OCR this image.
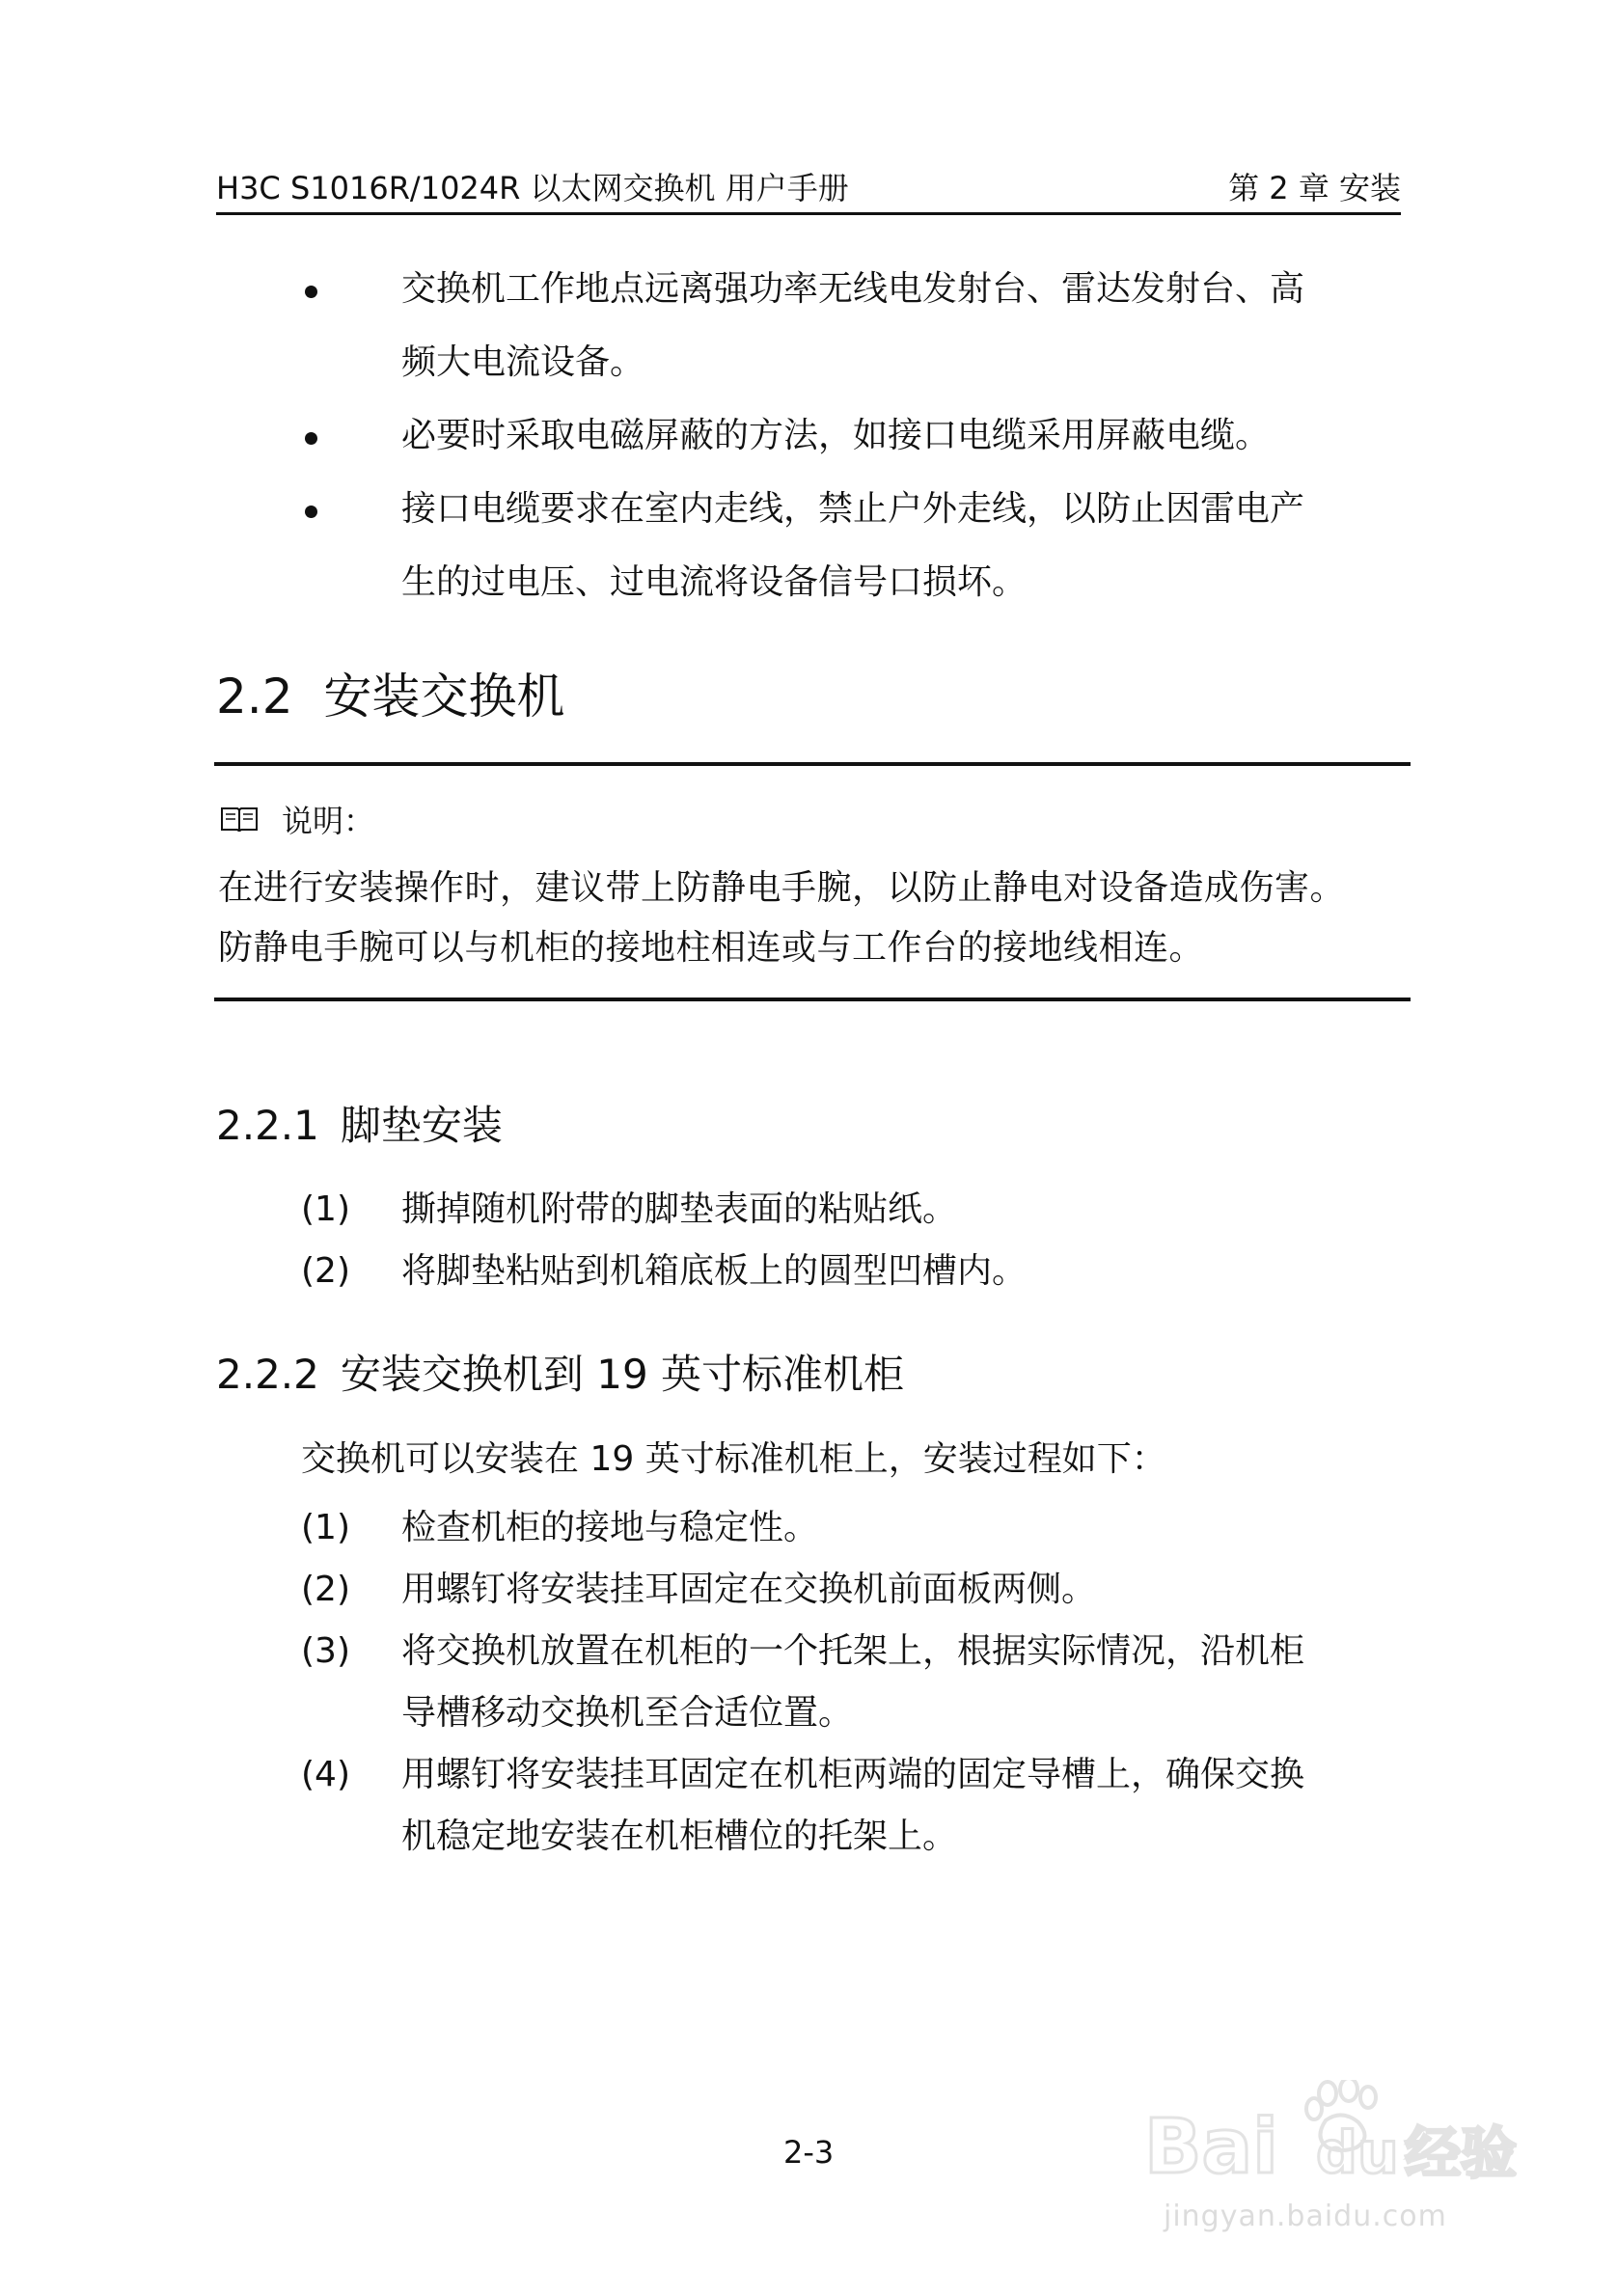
H3C S1016R/1024R 以太网交换机 用户手册	第 2 章 安装
交换机工作地点远离强功率无线电发射台、雷达发射台、高
频大电流设备。
必要时采取电磁屏蔽的方法，如接口电缆采用屏蔽电缆。
接口电缆要求在室内走线，禁止户外走线，以防止因雷电产
生的过电压、过电流将设备信号口损坏。
2.2 安装交换机
说明：
在进行安装操作时，建议带上防静电手腕，以防止静电对设备造成伤害。
防静电手腕可以与机柜的接地柱相连或与工作台的接地线相连。
2.2.1 脚垫安装
(1) 撕掉随机附带的脚垫表面的粘贴纸。
(2) 将脚垫粘贴到机箱底板上的圆型凹槽内。
2.2.2 安装交换机到 19 英寸标准机柜
交换机可以安装在 19 英寸标准机柜上，安装过程如下：
(1) 检查机柜的接地与稳定性。
(2) 用螺钉将安装挂耳固定在交换机前面板两侧。
(3) 将交换机放置在机柜的一个托架上，根据实际情况，沿机柜
导槽移动交换机至合适位置。
(4) 用螺钉将安装挂耳固定在机柜两端的固定导槽上，确保交换
机稳定地安装在机柜槽位的托架上。
2-3	Bai du 经验
jingyan.baidu.com
